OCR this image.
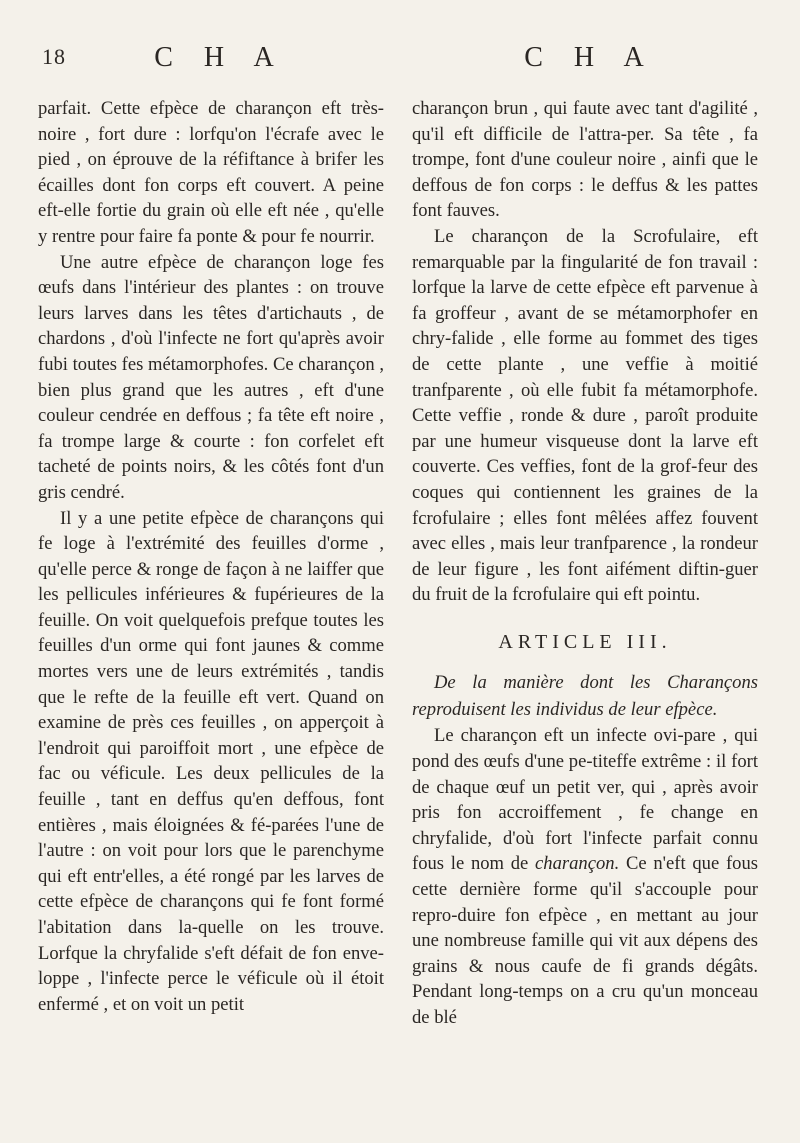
18	C H A	C H A

parfait. Cette efpèce de charançon eft très-noire , fort dure : lorfqu'on l'écrafe avec le pied , on éprouve de la réfiftance à brifer les écailles dont fon corps eft couvert. A peine eft-elle fortie du grain où elle eft née , qu'elle y rentre pour faire fa ponte & pour fe nourrir.

Une autre efpèce de charançon loge fes œufs dans l'intérieur des plantes : on trouve leurs larves dans les têtes d'artichauts , de chardons , d'où l'infecte ne fort qu'après avoir fubi toutes fes métamorphofes. Ce charançon , bien plus grand que les autres , eft d'une couleur cendrée en deffous ; fa tête eft noire , fa trompe large & courte : fon corfelet eft tacheté de points noirs, & les côtés font d'un gris cendré.

Il y a une petite efpèce de charançons qui fe loge à l'extrémité des feuilles d'orme , qu'elle perce & ronge de façon à ne laiffer que les pellicules inférieures & fupérieures de la feuille. On voit quelquefois prefque toutes les feuilles d'un orme qui font jaunes & comme mortes vers une de leurs extrémités , tandis que le refte de la feuille eft vert. Quand on examine de près ces feuilles , on apperçoit à l'endroit qui paroiffoit mort , une efpèce de fac ou véficule. Les deux pellicules de la feuille , tant en deffus qu'en deffous, font entières , mais éloignées & fé-parées l'une de l'autre : on voit pour lors que le parenchyme qui eft entr'elles, a été rongé par les larves de cette efpèce de charançons qui fe font formé l'abitation dans la-quelle on les trouve. Lorfque la chryfalide s'eft défait de fon enve-loppe , l'infecte perce le véficule où il étoit enfermé , et on voit un petit

charançon brun , qui faute avec tant d'agilité , qu'il eft difficile de l'attra-per. Sa tête , fa trompe, font d'une couleur noire , ainfi que le deffous de fon corps : le deffus & les pattes font fauves.

Le charançon de la Scrofulaire, eft remarquable par la fingularité de fon travail : lorfque la larve de cette efpèce eft parvenue à fa groffeur , avant de se métamorphofer en chry-falide , elle forme au fommet des tiges de cette plante , une veffie à moitié tranfparente , où elle fubit fa métamorphofe. Cette veffie , ronde & dure , paroît produite par une humeur visqueuse dont la larve eft couverte. Ces veffies, font de la grof-feur des coques qui contiennent les graines de la fcrofulaire ; elles font mêlées affez fouvent avec elles , mais leur tranfparence , la rondeur de leur figure , les font aifément diftin-guer du fruit de la fcrofulaire qui eft pointu.

ARTICLE III.

De la manière dont les Charançons reproduisent les individus de leur efpèce.

Le charançon eft un infecte ovi-pare , qui pond des œufs d'une pe-titeffe extrême : il fort de chaque œuf un petit ver, qui , après avoir pris fon accroiffement , fe change en chryfalide, d'où fort l'infecte parfait connu fous le nom de charançon. Ce n'eft que fous cette dernière forme qu'il s'accouple pour repro-duire fon efpèce , en mettant au jour une nombreuse famille qui vit aux dépens des grains & nous caufe de fi grands dégâts. Pendant long-temps on a cru qu'un monceau de blé
